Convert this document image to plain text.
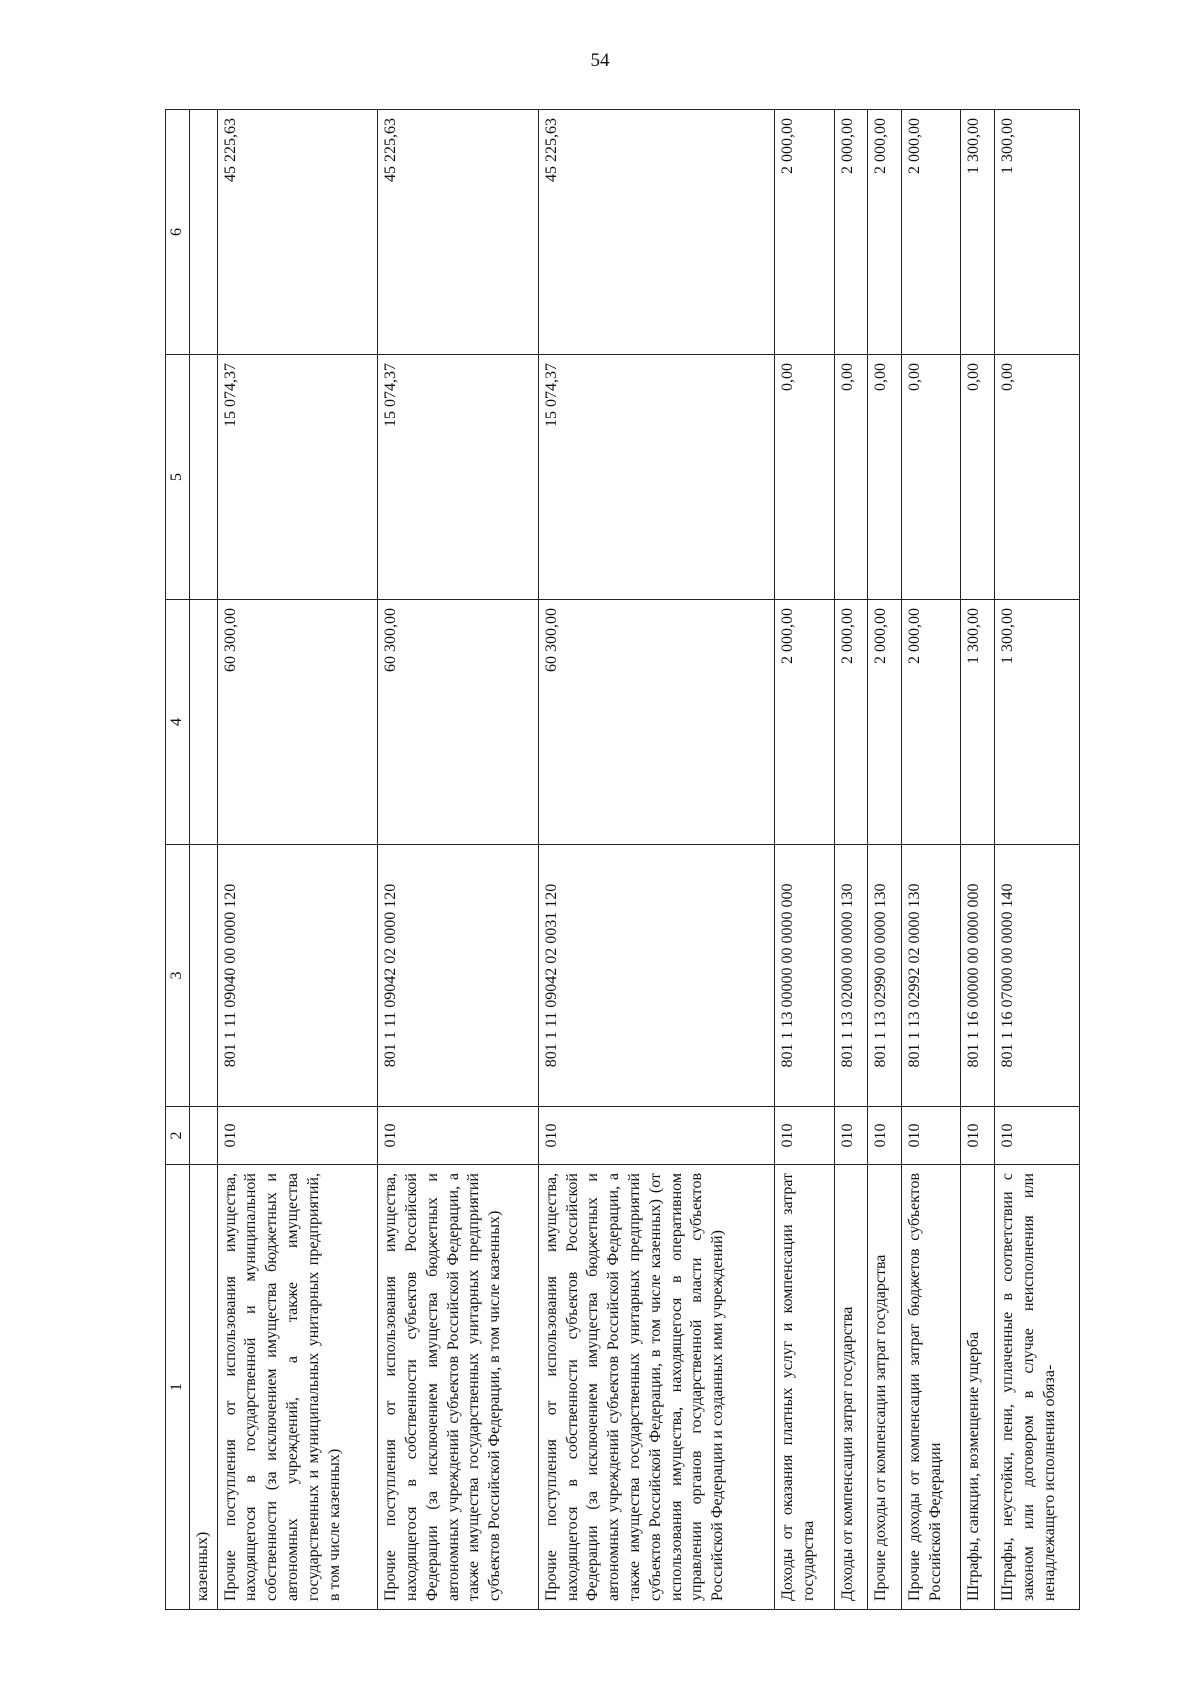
54
1	2	3	4	5	6
казенных)					
Прочие поступления от использования имущества, находящегося в государственной и муниципальной собственности (за исключением имущества бюджетных и автономных учреждений, а также имущества государственных и муниципальных унитарных предприятий, в том числе казенных)	010	801 1 11 09040 00 0000 120	60 300,00	15 074,37	45 225,63
Прочие поступления от использования имущества, находящегося в собственности субъектов Российской Федерации (за исключением имущества бюджетных и автономных учреждений субъектов Российской Федерации, а также имущества государственных унитарных предприятий субъектов Российской Федерации, в том числе казенных)	010	801 1 11 09042 02 0000 120	60 300,00	15 074,37	45 225,63
Прочие поступления от использования имущества, находящегося в собственности субъектов Российской Федерации (за исключением имущества бюджетных и автономных учреждений субъектов Российской Федерации, а также имущества государственных унитарных предприятий субъектов Российской Федерации, в том числе казенных) (от использования имущества, находящегося в оперативном управлении органов государственной власти субъектов Российской Федерации и созданных ими учреждений)	010	801 1 11 09042 02 0031 120	60 300,00	15 074,37	45 225,63
Доходы от оказания платных услуг и компенсации затрат государства	010	801 1 13 00000 00 0000 000	2 000,00	0,00	2 000,00
Доходы от компенсации затрат государства	010	801 1 13 02000 00 0000 130	2 000,00	0,00	2 000,00
Прочие доходы от компенсации затрат государства	010	801 1 13 02990 00 0000 130	2 000,00	0,00	2 000,00
Прочие доходы от компенсации затрат бюджетов субъектов Российской Федерации	010	801 1 13 02992 02 0000 130	2 000,00	0,00	2 000,00
Штрафы, санкции, возмещение ущерба	010	801 1 16 00000 00 0000 000	1 300,00	0,00	1 300,00
Штрафы, неустойки, пени, уплаченные в соответствии с законом или договором в случае неисполнения или ненадлежащего исполнения обяза-	010	801 1 16 07000 00 0000 140	1 300,00	0,00	1 300,00
